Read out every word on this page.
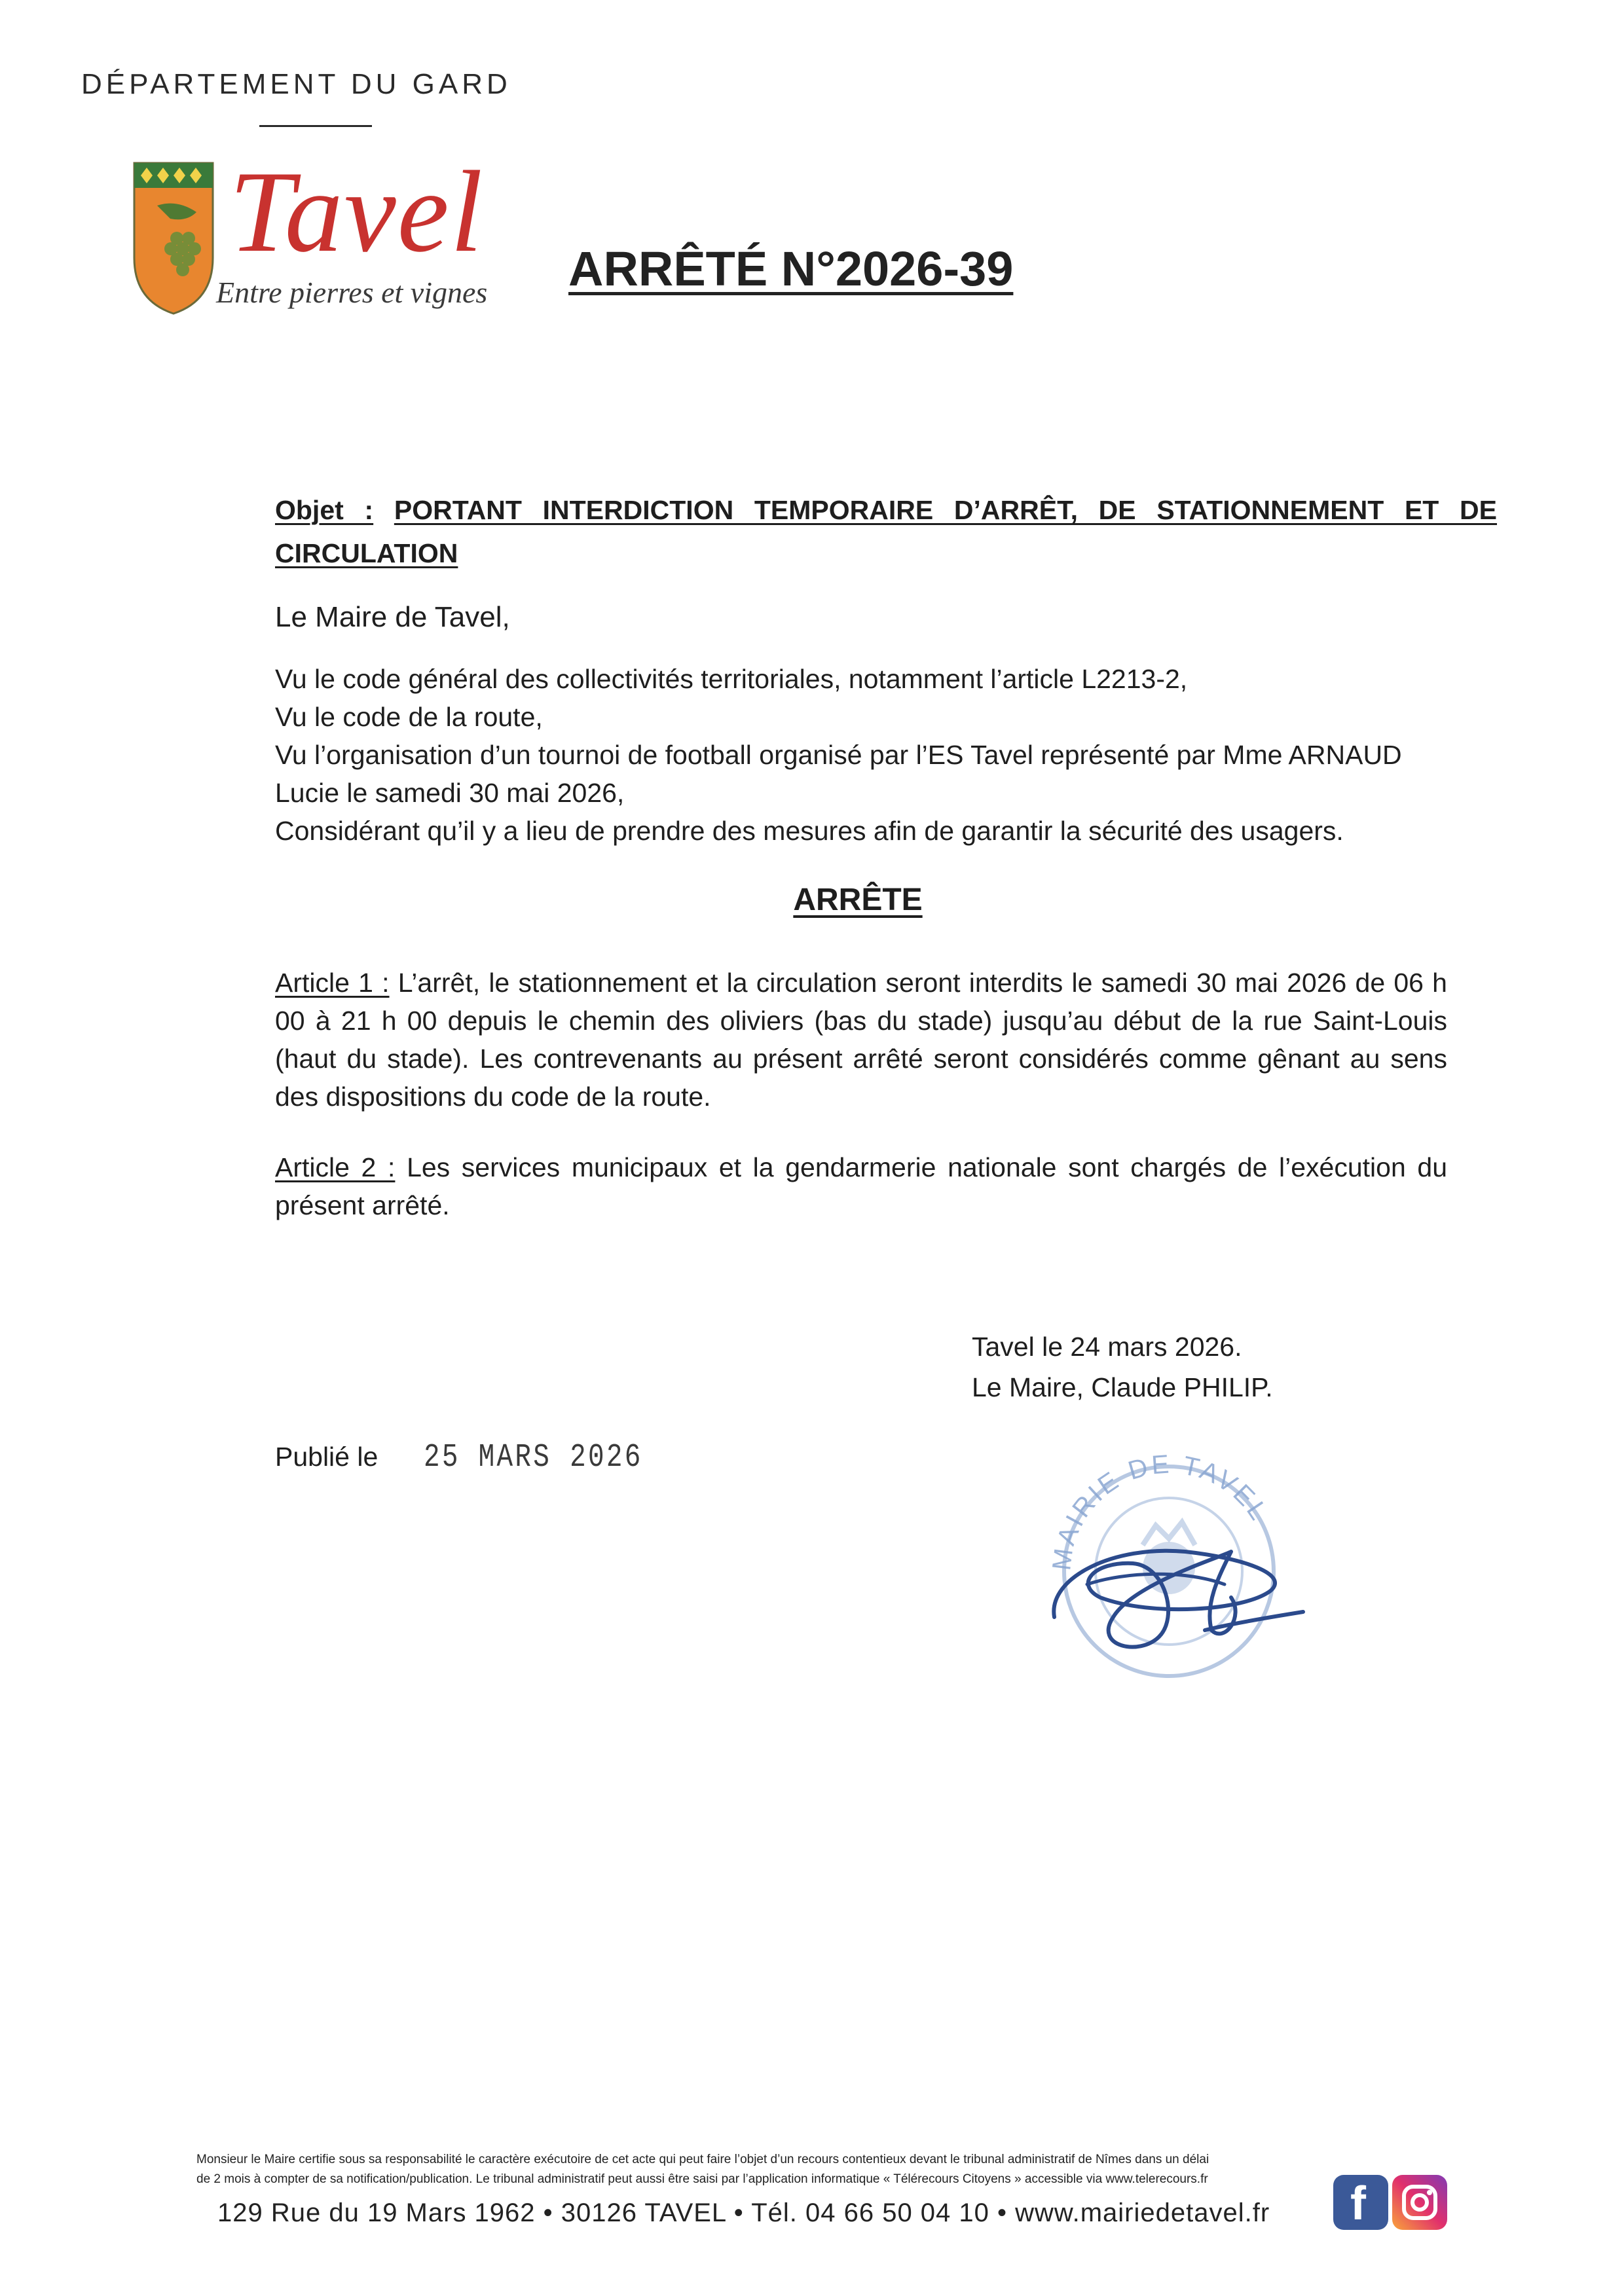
DÉPARTEMENT DU GARD
Tavel
Entre pierres et vignes ARRÊTÉ N°2026-39
Objet : PORTANT INTERDICTION TEMPORAIRE D’ARRÊT, DE STATIONNEMENT ET DE CIRCULATION
Le Maire de Tavel,
Vu le code général des collectivités territoriales, notamment l’article L2213-2,
Vu le code de la route,
Vu l’organisation d’un tournoi de football organisé par l’ES Tavel représenté par Mme ARNAUD
Lucie le samedi 30 mai 2026,
Considérant qu’il y a lieu de prendre des mesures afin de garantir la sécurité des usagers.
ARRÊTE
Article 1 : L’arrêt, le stationnement et la circulation seront interdits le samedi 30 mai 2026 de 06 h 00 à 21 h 00 depuis le chemin des oliviers (bas du stade) jusqu’au début de la rue Saint-Louis (haut du stade). Les contrevenants au présent arrêté seront considérés comme gênant au sens des dispositions du code de la route.
Article 2 : Les services municipaux et la gendarmerie nationale sont chargés de l’exécution du présent arrêté.
Tavel le 24 mars 2026.
Le Maire, Claude PHILIP.
Publié le 25 MARS 2026
MAIRIE DE TAVEL
Monsieur le Maire certifie sous sa responsabilité le caractère exécutoire de cet acte qui peut faire l’objet d’un recours contentieux devant le tribunal administratif de Nîmes dans un délai
de 2 mois à compter de sa notification/publication. Le tribunal administratif peut aussi être saisi par l’application informatique « Télérecours Citoyens » accessible via www.telerecours.fr
129 Rue du 19 Mars 1962 • 30126 TAVEL • Tél. 04 66 50 04 10 • www.mairiedetavel.fr f
